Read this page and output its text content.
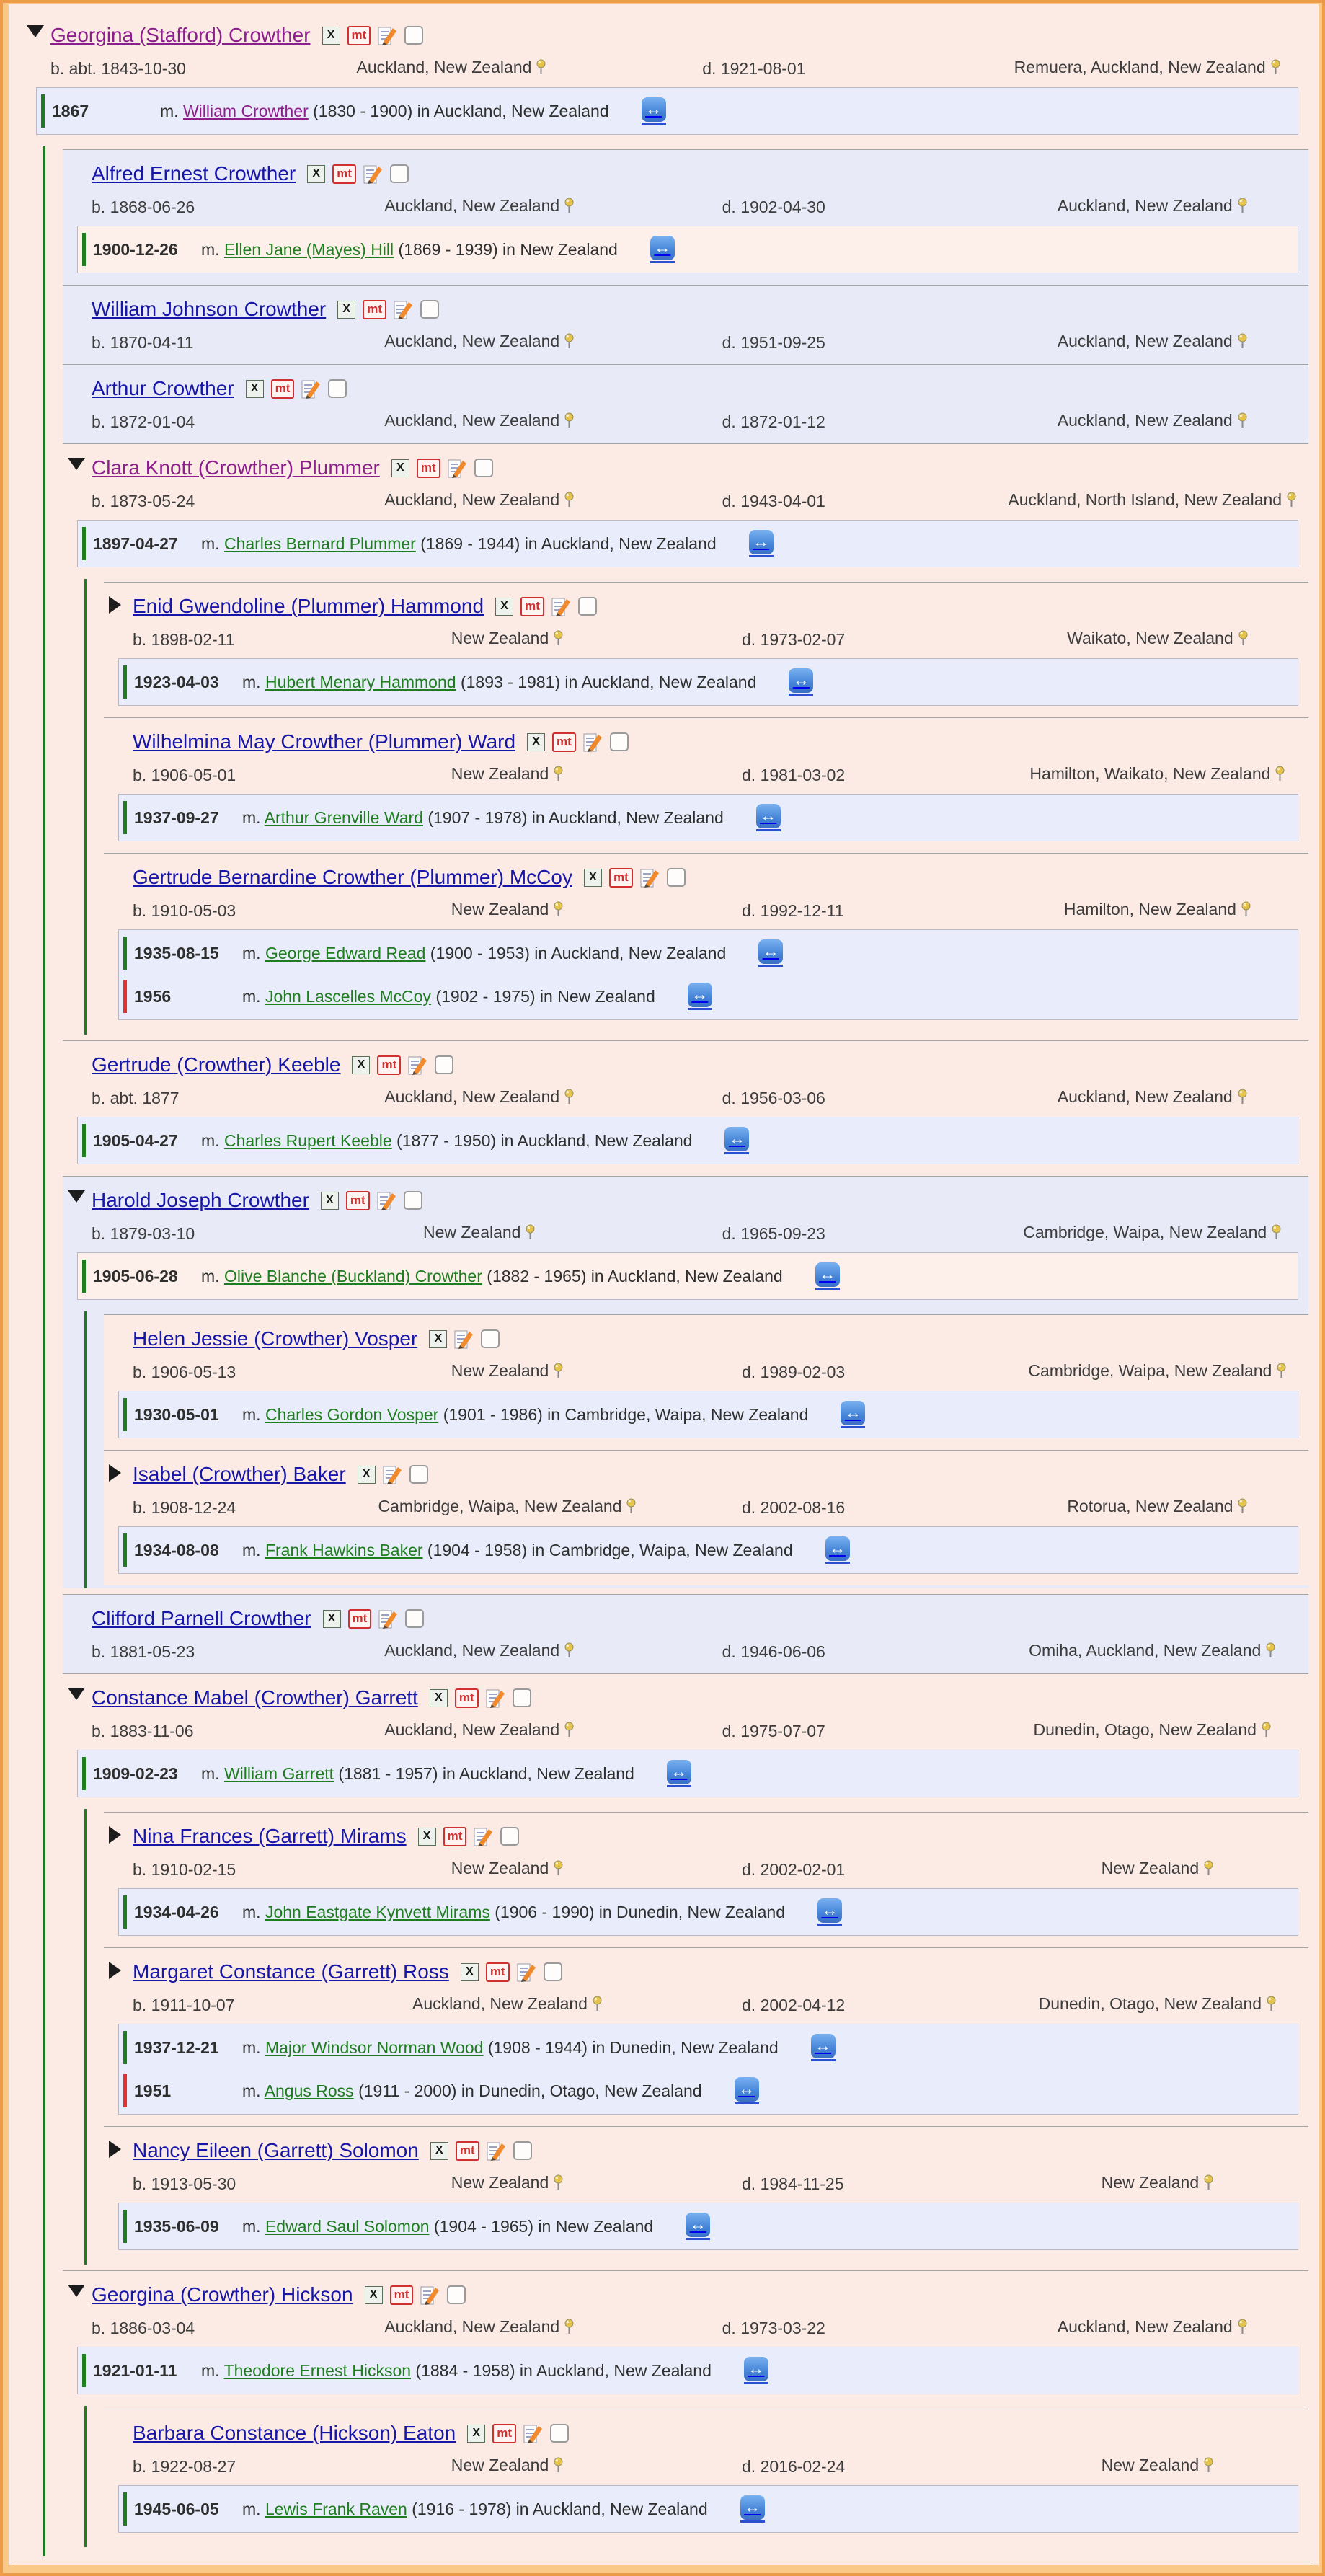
Georgina (Stafford) Crowther	X	mt
b. abt. 1843-10-30	Auckland, New Zealand	d. 1921-08-01	Remuera, Auckland, New Zealand
1867	m. William Crowther (1830 - 1900) in Auckland, New Zealand ↔
Alfred Ernest Crowther	X	mt
b. 1868-06-26	Auckland, New Zealand	d. 1902-04-30	Auckland, New Zealand
1900-12-26	m. Ellen Jane (Mayes) Hill (1869 - 1939) in New Zealand ↔
William Johnson Crowther	X	mt
b. 1870-04-11	Auckland, New Zealand	d. 1951-09-25	Auckland, New Zealand
Arthur Crowther	X	mt
b. 1872-01-04	Auckland, New Zealand	d. 1872-01-12	Auckland, New Zealand
Clara Knott (Crowther) Plummer	X	mt
b. 1873-05-24	Auckland, New Zealand	d. 1943-04-01	Auckland, North Island, New Zealand
1897-04-27	m. Charles Bernard Plummer (1869 - 1944) in Auckland, New Zealand ↔
Enid Gwendoline (Plummer) Hammond	X	mt
b. 1898-02-11	New Zealand	d. 1973-02-07	Waikato, New Zealand
1923-04-03	m. Hubert Menary Hammond (1893 - 1981) in Auckland, New Zealand ↔
Wilhelmina May Crowther (Plummer) Ward	X	mt
b. 1906-05-01	New Zealand	d. 1981-03-02	Hamilton, Waikato, New Zealand
1937-09-27	m. Arthur Grenville Ward (1907 - 1978) in Auckland, New Zealand ↔
Gertrude Bernardine Crowther (Plummer) McCoy	X	mt
b. 1910-05-03	New Zealand	d. 1992-12-11	Hamilton, New Zealand
1935-08-15	m. George Edward Read (1900 - 1953) in Auckland, New Zealand ↔
1956	m. John Lascelles McCoy (1902 - 1975) in New Zealand ↔
Gertrude (Crowther) Keeble	X	mt
b. abt. 1877	Auckland, New Zealand	d. 1956-03-06	Auckland, New Zealand
1905-04-27	m. Charles Rupert Keeble (1877 - 1950) in Auckland, New Zealand ↔
Harold Joseph Crowther	X	mt
b. 1879-03-10	New Zealand	d. 1965-09-23	Cambridge, Waipa, New Zealand
1905-06-28	m. Olive Blanche (Buckland) Crowther (1882 - 1965) in Auckland, New Zealand ↔
Helen Jessie (Crowther) Vosper	X
b. 1906-05-13	New Zealand	d. 1989-02-03	Cambridge, Waipa, New Zealand
1930-05-01	m. Charles Gordon Vosper (1901 - 1986) in Cambridge, Waipa, New Zealand ↔
Isabel (Crowther) Baker	X
b. 1908-12-24	Cambridge, Waipa, New Zealand	d. 2002-08-16	Rotorua, New Zealand
1934-08-08	m. Frank Hawkins Baker (1904 - 1958) in Cambridge, Waipa, New Zealand ↔
Clifford Parnell Crowther	X	mt
b. 1881-05-23	Auckland, New Zealand	d. 1946-06-06	Omiha, Auckland, New Zealand
Constance Mabel (Crowther) Garrett	X	mt
b. 1883-11-06	Auckland, New Zealand	d. 1975-07-07	Dunedin, Otago, New Zealand
1909-02-23	m. William Garrett (1881 - 1957) in Auckland, New Zealand ↔
Nina Frances (Garrett) Mirams	X	mt
b. 1910-02-15	New Zealand	d. 2002-02-01	New Zealand
1934-04-26	m. John Eastgate Kynvett Mirams (1906 - 1990) in Dunedin, New Zealand ↔
Margaret Constance (Garrett) Ross	X	mt
b. 1911-10-07	Auckland, New Zealand	d. 2002-04-12	Dunedin, Otago, New Zealand
1937-12-21	m. Major Windsor Norman Wood (1908 - 1944) in Dunedin, New Zealand ↔
1951	m. Angus Ross (1911 - 2000) in Dunedin, Otago, New Zealand ↔
Nancy Eileen (Garrett) Solomon	X	mt
b. 1913-05-30	New Zealand	d. 1984-11-25	New Zealand
1935-06-09	m. Edward Saul Solomon (1904 - 1965) in New Zealand ↔
Georgina (Crowther) Hickson	X	mt
b. 1886-03-04	Auckland, New Zealand	d. 1973-03-22	Auckland, New Zealand
1921-01-11	m. Theodore Ernest Hickson (1884 - 1958) in Auckland, New Zealand ↔
Barbara Constance (Hickson) Eaton	X	mt
b. 1922-08-27	New Zealand	d. 2016-02-24	New Zealand
1945-06-05	m. Lewis Frank Raven (1916 - 1978) in Auckland, New Zealand ↔
